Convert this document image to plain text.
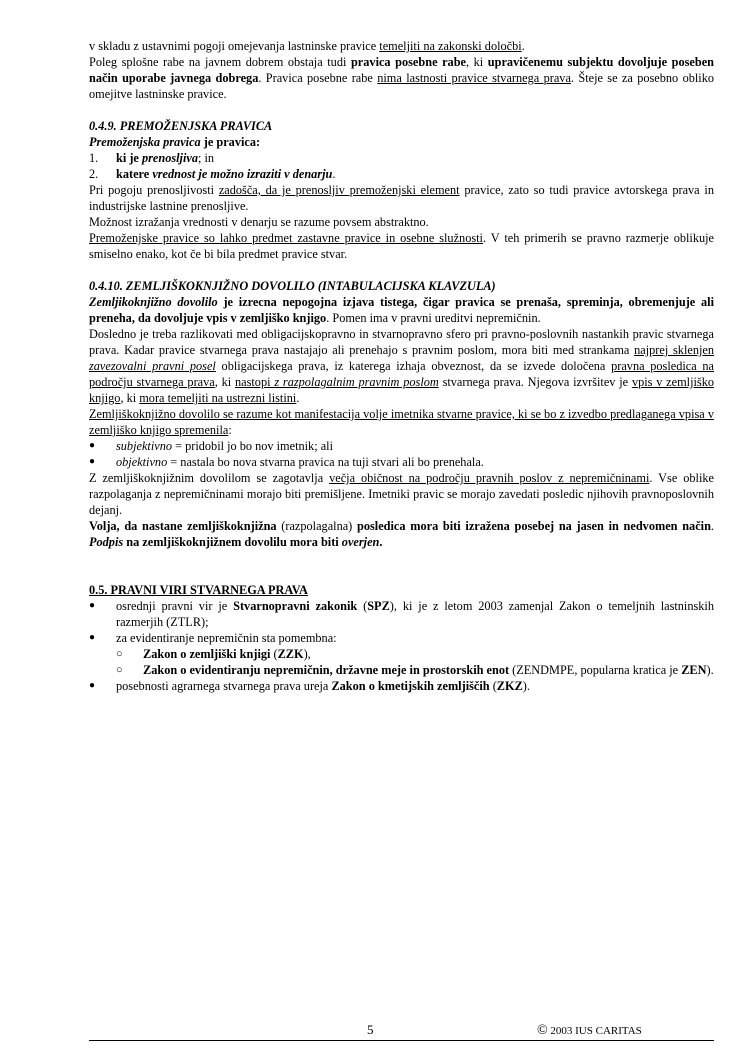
v skladu z ustavnimi pogoji omejevanja lastninske pravice temeljiti na zakonski določbi.
Poleg splošne rabe na javnem dobrem obstaja tudi pravica posebne rabe, ki upravičenemu subjektu dovoljuje poseben način uporabe javnega dobrega. Pravica posebne rabe nima lastnosti pravice stvarnega prava. Šteje se za posebno obliko omejitve lastninske pravice.

0.4.9. PREMOŽENJSKA PRAVICA

Premoženjska pravica je pravica:

1.	ki je prenosljiva; in
2.	katere vrednost je možno izraziti v denarju.

Pri pogoju prenosljivosti zadošča, da je prenosljiv premoženjski element pravice, zato so tudi pravice avtorskega prava in industrijske lastnine prenosljive.

Možnost izražanja vrednosti v denarju se razume povsem abstraktno.

Premoženjske pravice so lahko predmet zastavne pravice in osebne služnosti. V teh primerih se pravno razmerje oblikuje smiselno enako, kot če bi bila predmet pravice stvar.

0.4.10. ZEMLJIŠKOKNJIŽNO DOVOLILO (INTABULACIJSKA KLAVZULA)

Zemljikoknjižno dovolilo je izrecna nepogojna izjava tistega, čigar pravica se prenaša, spreminja, obremenjuje ali preneha, da dovoljuje vpis v zemljiško knjigo. Pomen ima v pravni ureditvi nepremičnin.

Dosledno je treba razlikovati med obligacijskopravno in stvarnopravno sfero pri pravno-poslovnih nastankih pravic stvarnega prava. Kadar pravice stvarnega prava nastajajo ali prenehajo s pravnim poslom, mora biti med strankama najprej sklenjen zavezovalni pravni posel obligacijskega prava, iz katerega izhaja obveznost, da se izvede določena pravna posledica na področju stvarnega prava, ki nastopi z razpolagalnim pravnim poslom stvarnega prava. Njegova izvršitev je vpis v zemljiško knjigo, ki mora temeljiti na ustrezni listini.

Zemljiškoknjižno dovolilo se razume kot manifestacija volje imetnika stvarne pravice, ki se bo z izvedbo predlaganega vpisa v zemljiško knjigo spremenila:

● subjektivno = pridobil jo bo nov imetnik; ali
● objektivno = nastala bo nova stvarna pravica na tuji stvari ali bo prenehala.

Z zemljiškoknjižnim dovolilom se zagotavlja večja običnost na področju pravnih poslov z nepremičninami. Vse oblike razpolaganja z nepremičninami morajo biti premišljene. Imetniki pravic se morajo zavedati posledic njihovih pravnoposlovnih dejanj.

Volja, da nastane zemljiškoknjižna (razpolagalna) posledica mora biti izražena posebej na jasen in nedvomen način. Podpis na zemljiškoknjižnem dovolilu mora biti overjen.

0.5. PRAVNI VIRI STVARNEGA PRAVA
● osrednji pravni vir je Stvarnopravni zakonik (SPZ), ki je z letom 2003 zamenjal Zakon o temeljnih lastninskih razmerjih (ZTLR);
● za evidentiranje nepremičnin sta pomembna:
○ Zakon o zemljiški knjigi (ZZK),
○ Zakon o evidentiranju nepremičnin, državne meje in prostorskih enot (ZENDMPE, popularna kratica je ZEN).
● posebnosti agrarnega stvarnega prava ureja Zakon o kmetijskih zemljiščih (ZKZ).
5	© 2003 IUS CARITAS
